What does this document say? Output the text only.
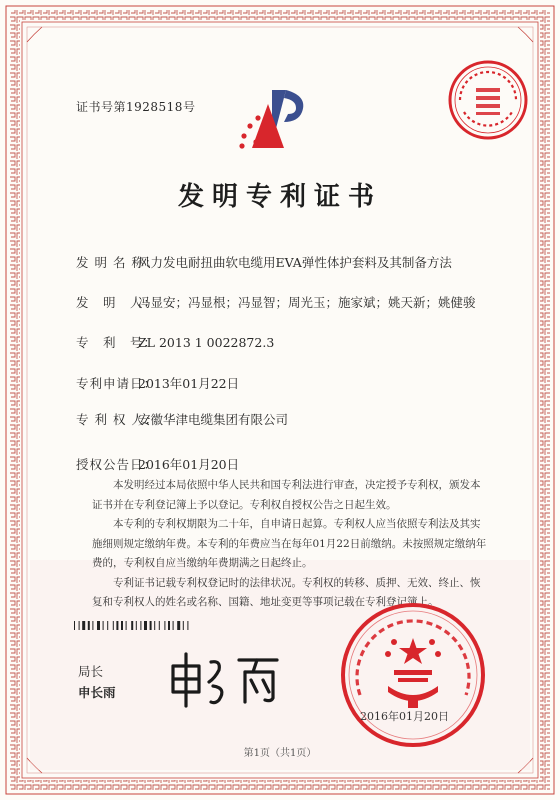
证书号第1928518号
发明专利证书
发 明 名 称：风力发电耐扭曲软电缆用EVA弹性体护套料及其制备方法
发　明　人：冯显安；冯显根；冯显智；周光玉；施家斌；姚天新；姚健骏
专　利　号：ZL 2013 1 0022872.3
专利申请日：2013年01月22日
专 利 权 人：安徽华津电缆集团有限公司
授权公告日：2016年01月20日

本发明经过本局依照中华人民共和国专利法进行审查，决定授予专利权，颁发本证书并在专利登记簿上予以登记。专利权自授权公告之日起生效。

本专利的专利权期限为二十年，自申请日起算。专利权人应当依照专利法及其实施细则规定缴纳年费。本专利的年费应当在每年01月22日前缴纳。未按照规定缴纳年费的，专利权自应当缴纳年费期满之日起终止。

专利证书记载专利权登记时的法律状况。专利权的转移、质押、无效、终止、恢复和专利权人的姓名或名称、国籍、地址变更等事项记载在专利登记簿上。

局长
申长雨
2016年01月20日
第1页（共1页）
